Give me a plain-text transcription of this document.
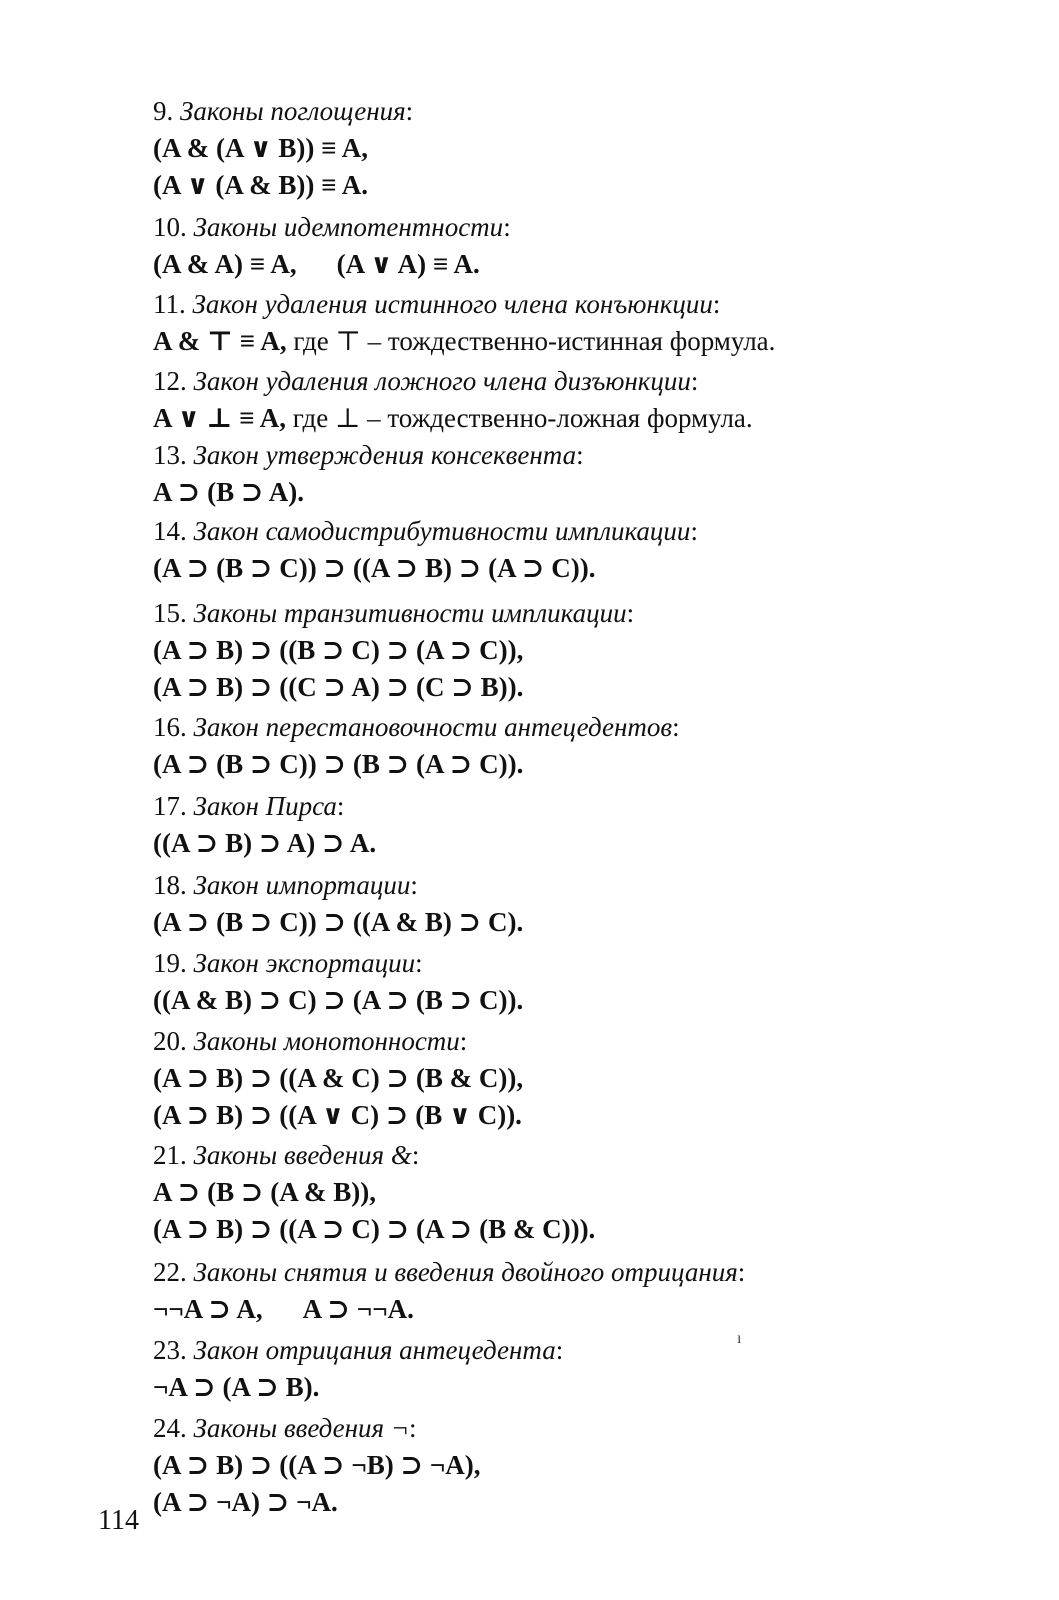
9. Законы поглощения:
(A & (A ∨ B)) ≡ A,
(A ∨ (A & B)) ≡ A.
10. Законы идемпотентности:
(A & A) ≡ A, (A ∨ A) ≡ A.
11. Закон удаления истинного члена конъюнкции:
A & ⊤ ≡ A, где ⊤ – тождественно-истинная формула.
12. Закон удаления ложного члена дизъюнкции:
A ∨ ⊥ ≡ A, где ⊥ – тождественно-ложная формула.
13. Закон утверждения консеквента:
A ⊃ (B ⊃ A).
14. Закон самодистрибутивности импликации:
(A ⊃ (B ⊃ C)) ⊃ ((A ⊃ B) ⊃ (A ⊃ C)).
15. Законы транзитивности импликации:
(A ⊃ B) ⊃ ((B ⊃ C) ⊃ (A ⊃ C)),
(A ⊃ B) ⊃ ((C ⊃ A) ⊃ (C ⊃ B)).
16. Закон перестановочности антецедентов:
(A ⊃ (B ⊃ C)) ⊃ (B ⊃ (A ⊃ C)).
17. Закон Пирса:
((A ⊃ B) ⊃ A) ⊃ A.
18. Закон импортации:
(A ⊃ (B ⊃ C)) ⊃ ((A & B) ⊃ C).
19. Закон экспортации:
((A & B) ⊃ C) ⊃ (A ⊃ (B ⊃ C)).
20. Законы монотонности:
(A ⊃ B) ⊃ ((A & C) ⊃ (B & C)),
(A ⊃ B) ⊃ ((A ∨ C) ⊃ (B ∨ C)).
21. Законы введения &:
A ⊃ (B ⊃ (A & B)),
(A ⊃ B) ⊃ ((A ⊃ C) ⊃ (A ⊃ (B & C))).
22. Законы снятия и введения двойного отрицания:
¬¬A ⊃ A, A ⊃ ¬¬A.
23. Закон отрицания антецедента:
¬A ⊃ (A ⊃ B).
24. Законы введения ¬:
(A ⊃ B) ⊃ ((A ⊃ ¬B) ⊃ ¬A),
(A ⊃ ¬A) ⊃ ¬A.
ı
114
